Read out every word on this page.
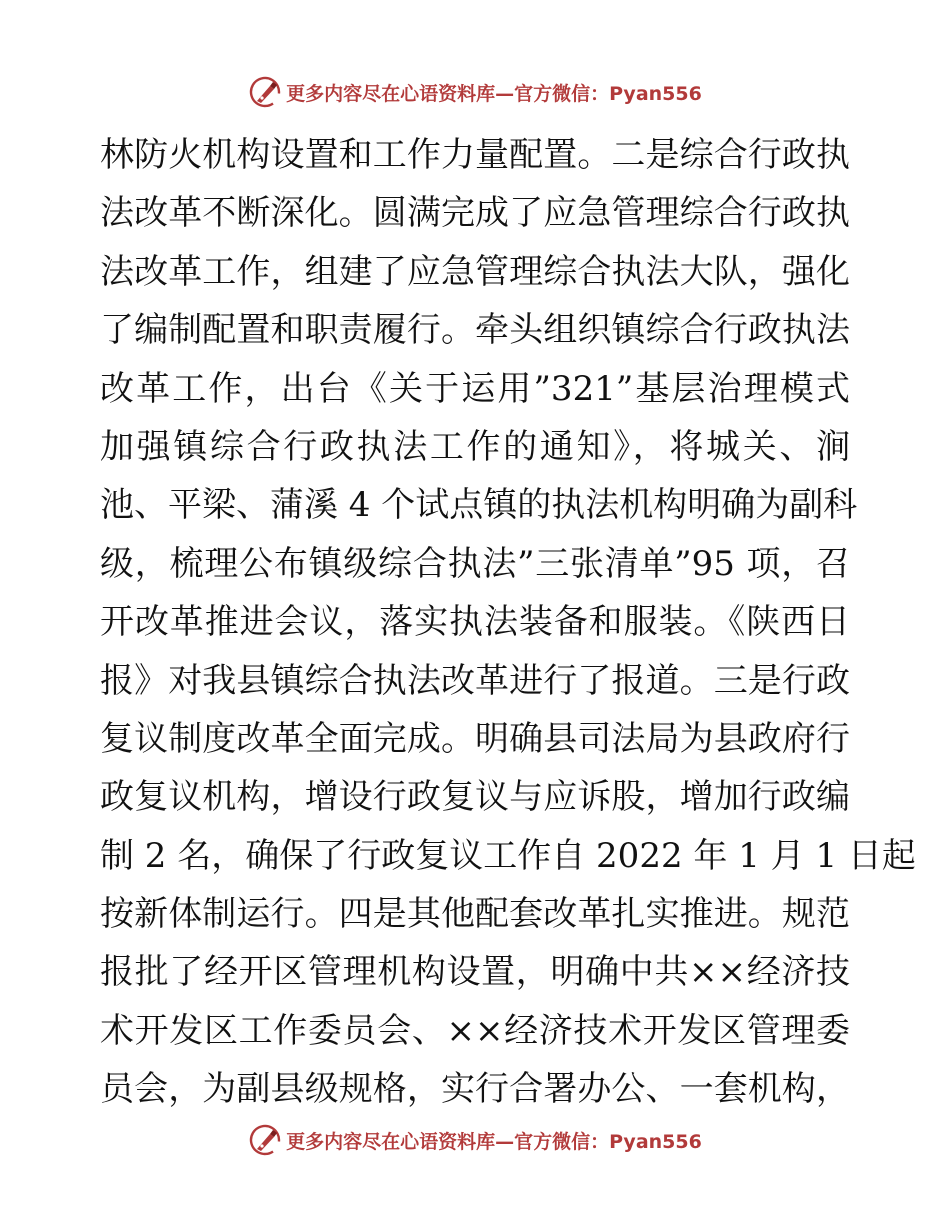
更多内容尽在心语资料库—官方微信：Pyan556
林防火机构设置和工作力量配置。二是综合行政执
法改革不断深化。圆满完成了应急管理综合行政执
法改革工作，组建了应急管理综合执法大队，强化
了编制配置和职责履行。牵头组织镇综合行政执法
改革工作，出台《关于运用”321”基层治理模式
加强镇综合行政执法工作的通知》，将城关、涧
池、平梁、蒲溪 4 个试点镇的执法机构明确为副科
级，梳理公布镇级综合执法”三张清单”95 项，召
开改革推进会议，落实执法装备和服装。《陕西日
报》对我县镇综合执法改革进行了报道。三是行政
复议制度改革全面完成。明确县司法局为县政府行
政复议机构，增设行政复议与应诉股，增加行政编
制 2 名，确保了行政复议工作自 2022 年 1 月 1 日起
按新体制运行。四是其他配套改革扎实推进。规范
报批了经开区管理机构设置，明确中共××经济技
术开发区工作委员会、××经济技术开发区管理委
员会，为副县级规格，实行合署办公、一套机构，
更多内容尽在心语资料库—官方微信：Pyan556
